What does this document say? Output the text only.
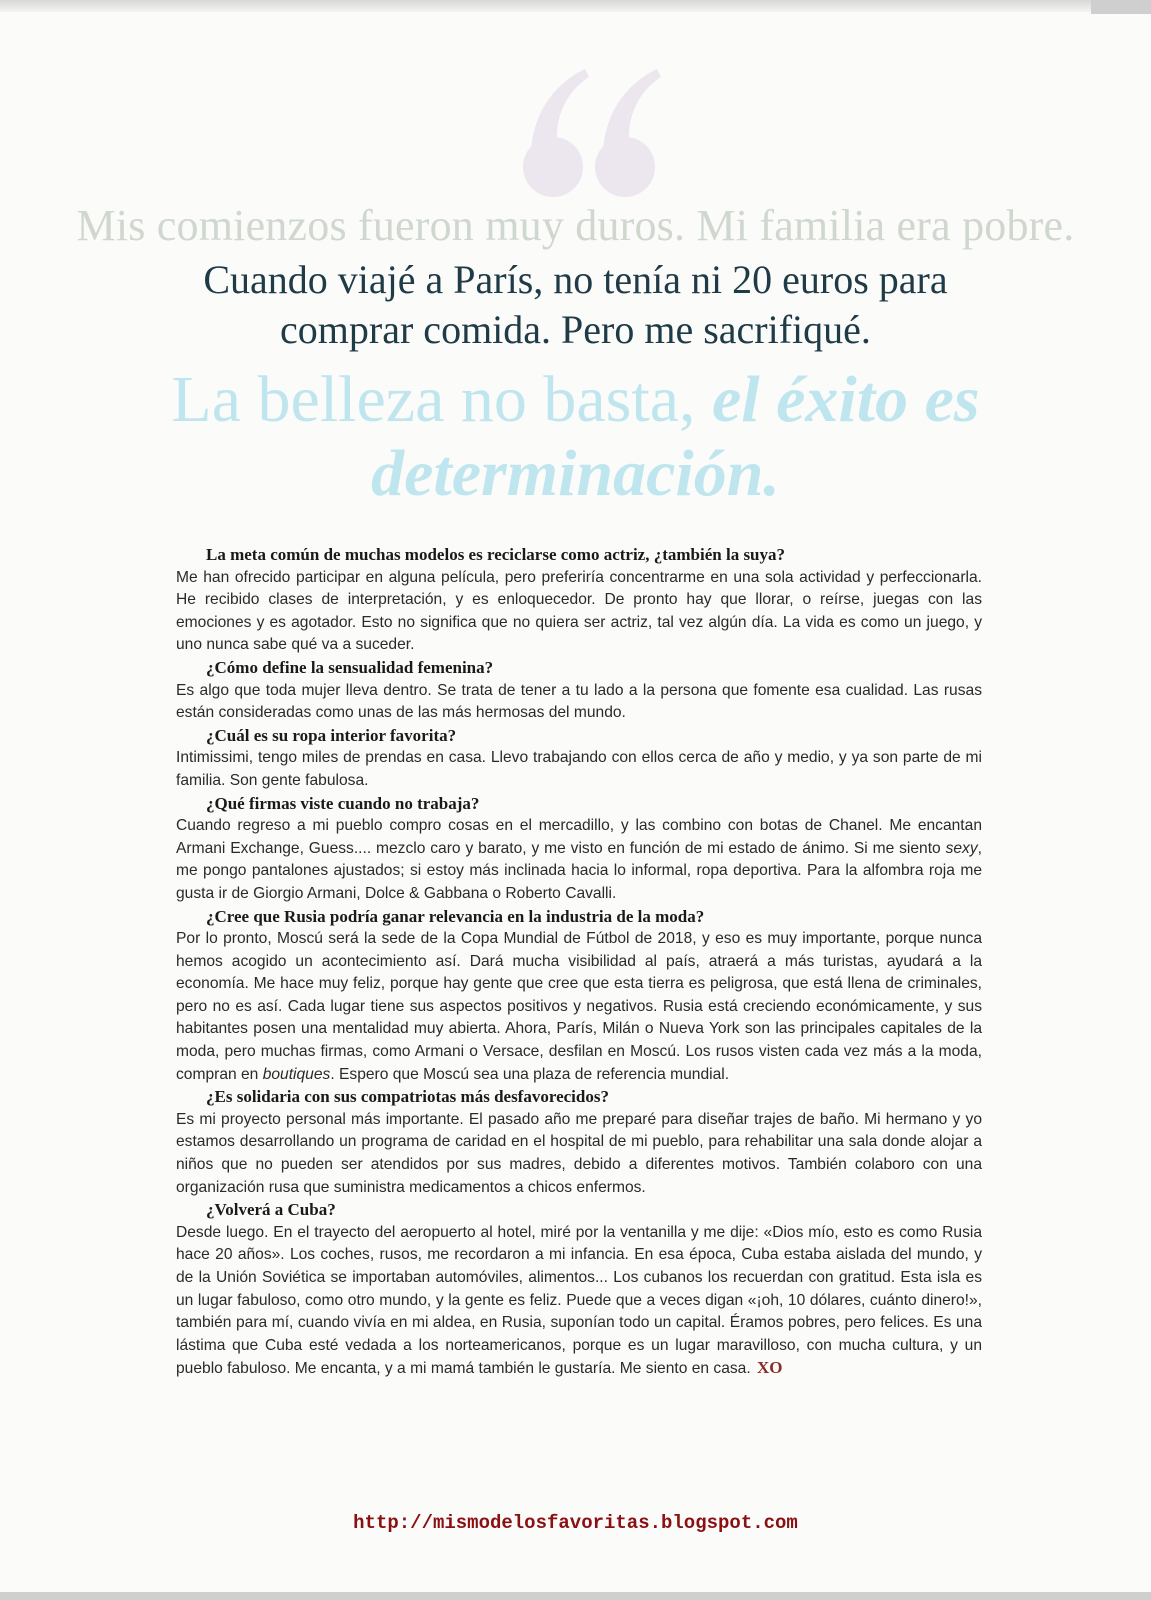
Mis comienzos fueron muy duros. Mi familia era pobre.
Cuando viajé a París, no tenía ni 20 euros para
comprar comida. Pero me sacrifiqué.
La belleza no basta, el éxito es
determinación.
La meta común de muchas modelos es reciclarse como actriz, ¿también la suya?
Me han ofrecido participar en alguna película, pero preferiría concentrarme en una sola actividad y perfeccionarla. He recibido clases de interpretación, y es enloquecedor. De pronto hay que llorar, o reírse, juegas con las emociones y es agotador. Esto no significa que no quiera ser actriz, tal vez algún día. La vida es como un juego, y uno nunca sabe qué va a suceder.
¿Cómo define la sensualidad femenina?
Es algo que toda mujer lleva dentro. Se trata de tener a tu lado a la persona que fomente esa cualidad. Las rusas están consideradas como unas de las más hermosas del mundo.
¿Cuál es su ropa interior favorita?
Intimissimi, tengo miles de prendas en casa. Llevo trabajando con ellos cerca de año y medio, y ya son parte de mi familia. Son gente fabulosa.
¿Qué firmas viste cuando no trabaja?
Cuando regreso a mi pueblo compro cosas en el mercadillo, y las combino con botas de Chanel. Me encantan Armani Exchange, Guess.... mezclo caro y barato, y me visto en función de mi estado de ánimo. Si me siento sexy, me pongo pantalones ajustados; si estoy más inclinada hacia lo informal, ropa deportiva. Para la alfombra roja me gusta ir de Giorgio Armani, Dolce & Gabbana o Roberto Cavalli.
¿Cree que Rusia podría ganar relevancia en la industria de la moda?
Por lo pronto, Moscú será la sede de la Copa Mundial de Fútbol de 2018, y eso es muy importante, porque nunca hemos acogido un acontecimiento así. Dará mucha visibilidad al país, atraerá a más turistas, ayudará a la economía. Me hace muy feliz, porque hay gente que cree que esta tierra es peligrosa, que está llena de criminales, pero no es así. Cada lugar tiene sus aspectos positivos y negativos. Rusia está creciendo económicamente, y sus habitantes posen una mentalidad muy abierta. Ahora, París, Milán o Nueva York son las principales capitales de la moda, pero muchas firmas, como Armani o Versace, desfilan en Moscú. Los rusos visten cada vez más a la moda, compran en boutiques. Espero que Moscú sea una plaza de referencia mundial.
¿Es solidaria con sus compatriotas más desfavorecidos?
Es mi proyecto personal más importante. El pasado año me preparé para diseñar trajes de baño. Mi hermano y yo estamos desarrollando un programa de caridad en el hospital de mi pueblo, para rehabilitar una sala donde alojar a niños que no pueden ser atendidos por sus madres, debido a diferentes motivos. También colaboro con una organización rusa que suministra medicamentos a chicos enfermos.
¿Volverá a Cuba?
Desde luego. En el trayecto del aeropuerto al hotel, miré por la ventanilla y me dije: «Dios mío, esto es como Rusia hace 20 años». Los coches, rusos, me recordaron a mi infancia. En esa época, Cuba estaba aislada del mundo, y de la Unión Soviética se importaban automóviles, alimentos... Los cubanos los recuerdan con gratitud. Esta isla es un lugar fabuloso, como otro mundo, y la gente es feliz. Puede que a veces digan «¡oh, 10 dólares, cuánto dinero!», también para mí, cuando vivía en mi aldea, en Rusia, suponían todo un capital. Éramos pobres, pero felices. Es una lástima que Cuba esté vedada a los norteamericanos, porque es un lugar maravilloso, con mucha cultura, y un pueblo fabuloso. Me encanta, y a mi mamá también le gustaría. Me siento en casa. XO
http://mismodelosfavoritas.blogspot.com
